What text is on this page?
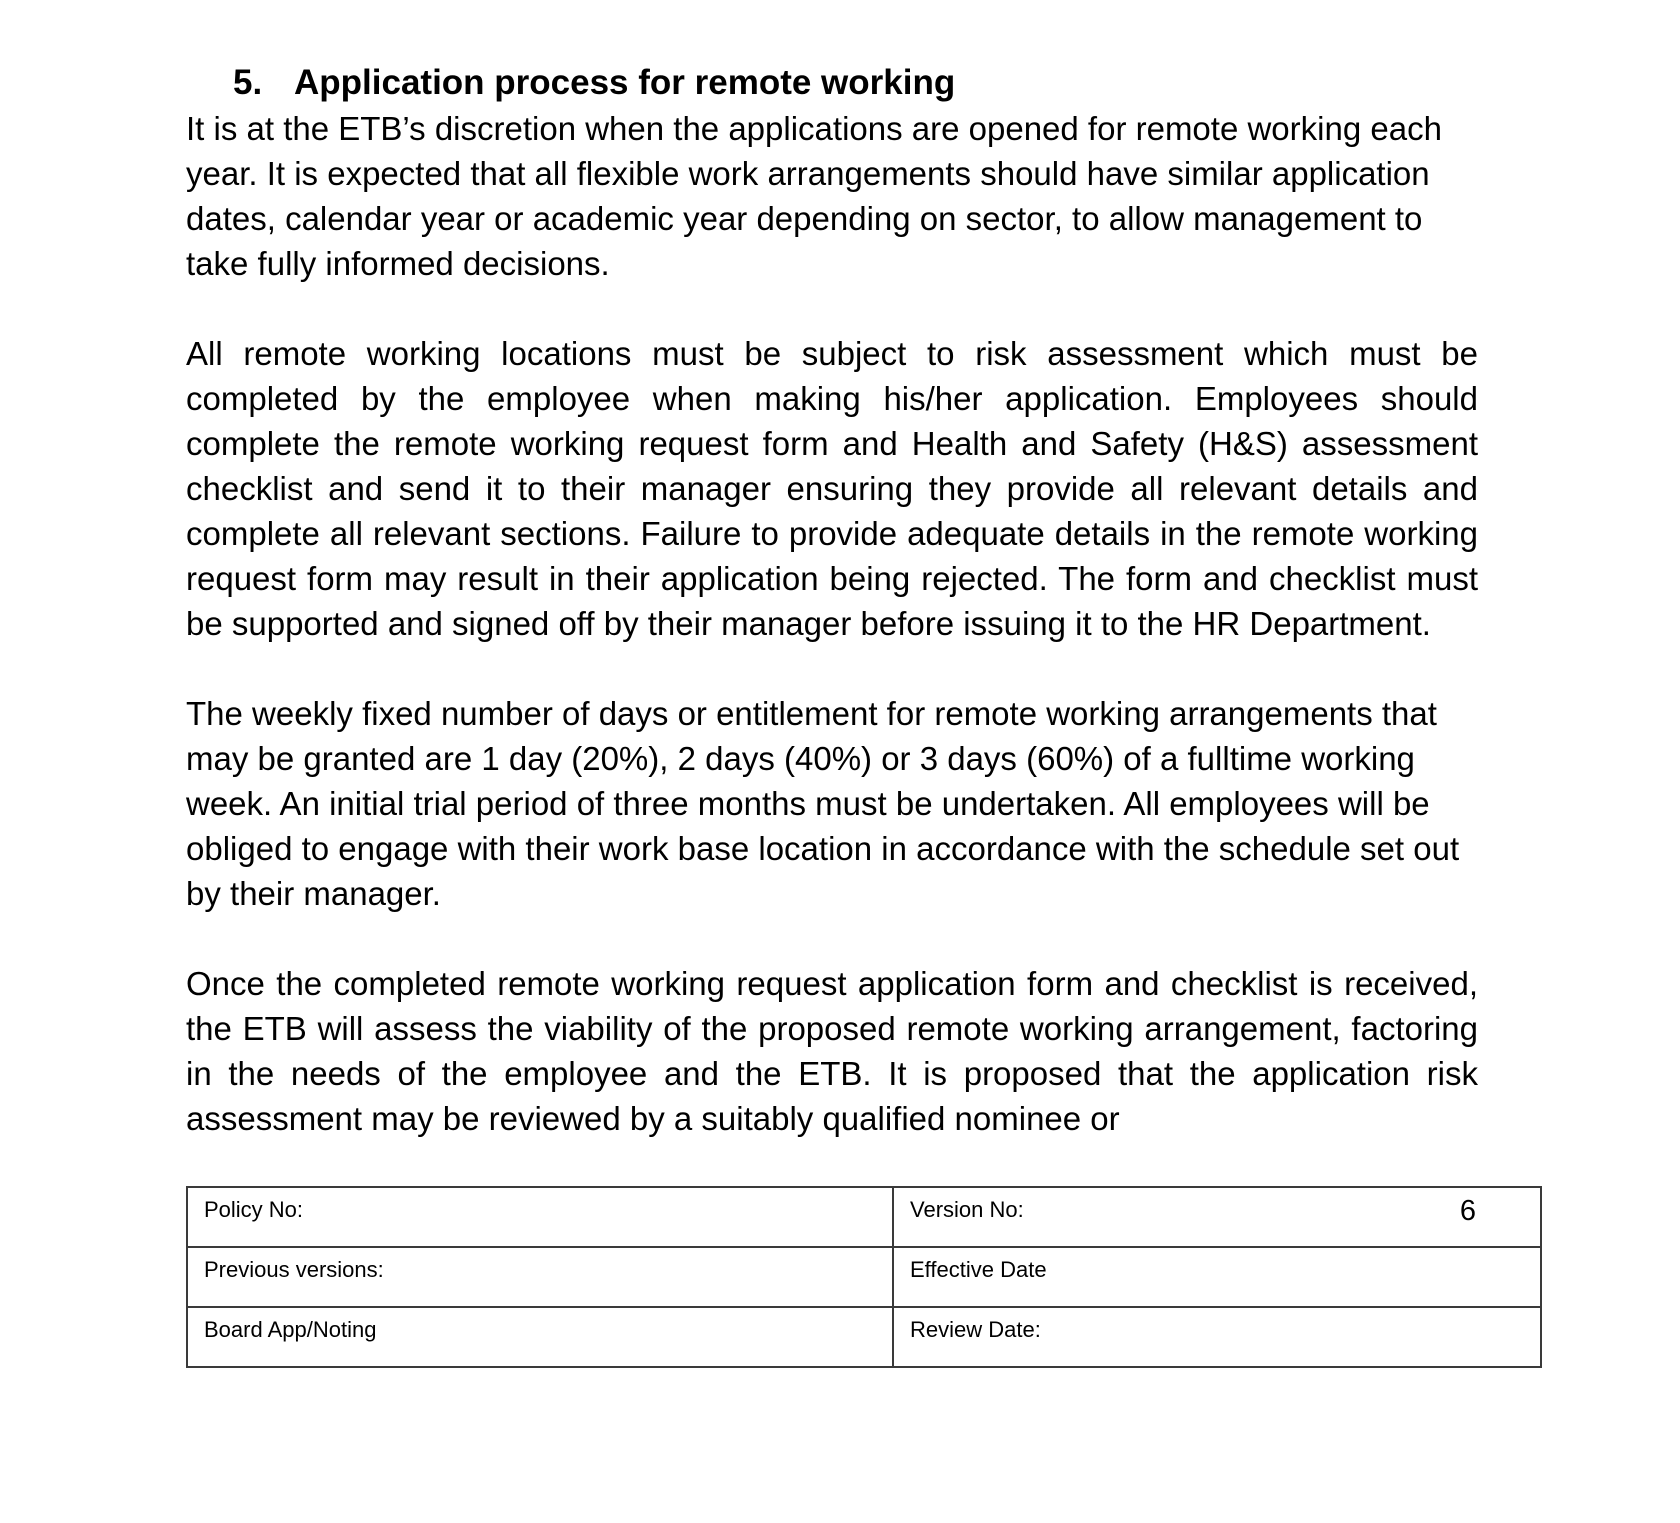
5. Application process for remote working

It is at the ETB’s discretion when the applications are opened for remote working each year. It is expected that all flexible work arrangements should have similar application dates, calendar year or academic year depending on sector, to allow management to take fully informed decisions.

All remote working locations must be subject to risk assessment which must be completed by the employee when making his/her application. Employees should complete the remote working request form and Health and Safety (H&S) assessment checklist and send it to their manager ensuring they provide all relevant details and complete all relevant sections. Failure to provide adequate details in the remote working request form may result in their application being rejected. The form and checklist must be supported and signed off by their manager before issuing it to the HR Department.

The weekly fixed number of days or entitlement for remote working arrangements that may be granted are 1 day (20%), 2 days (40%) or 3 days (60%) of a fulltime working week. An initial trial period of three months must be undertaken. All employees will be obliged to engage with their work base location in accordance with the schedule set out by their manager.

Once the completed remote working request application form and checklist is received, the ETB will assess the viability of the proposed remote working arrangement, factoring in the needs of the employee and the ETB. It is proposed that the application risk assessment may be reviewed by a suitably qualified nominee or

Policy No:	Version No: 6

Previous versions:	Effective Date

Board App/Noting	Review Date:
